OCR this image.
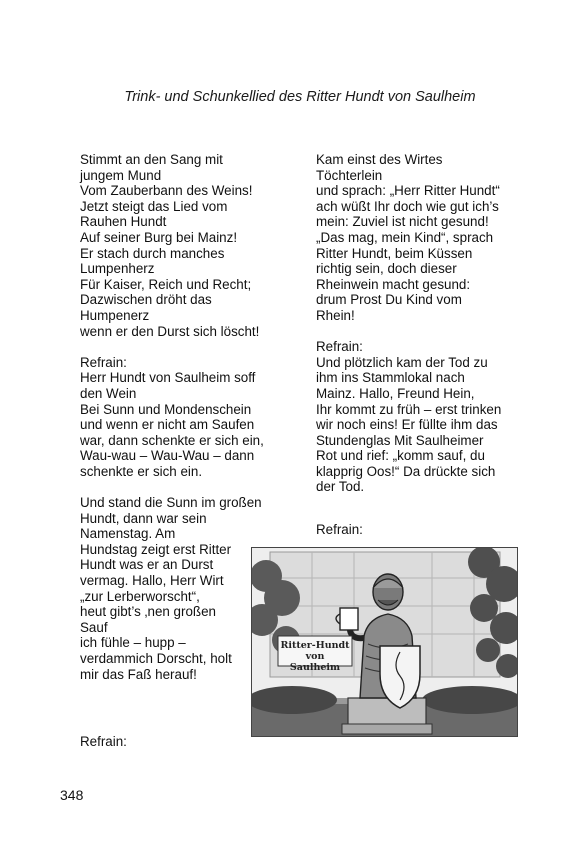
Trink- und Schunkellied des Ritter Hundt von Saulheim
Stimmt an den Sang mit
jungem Mund
Vom Zauberbann des Weins!
Jetzt steigt das Lied vom
Rauhen Hundt
Auf seiner Burg bei Mainz!
Er stach durch manches
Lumpenherz
Für Kaiser, Reich und Recht;
Dazwischen dröht das
Humpenerz
wenn er den Durst sich löscht!
Refrain:
Herr Hundt von Saulheim soff
den Wein
Bei Sunn und Mondenschein
und wenn er nicht am Saufen
war, dann schenkte er sich ein,
Wau-wau – Wau-Wau – dann
schenkte er sich ein.
Und stand die Sunn im großen
Hundt, dann war sein
Namenstag. Am
Hundstag zeigt erst Ritter
Hundt was er an Durst
vermag. Hallo, Herr Wirt
„zur Lerberworscht“,
heut gibt’s ‚nen großen
Sauf
ich fühle – hupp –
verdammich Dorscht, holt
mir das Faß herauf!
Kam einst des Wirtes
Töchterlein
und sprach: „Herr Ritter Hundt“
ach wüßt Ihr doch wie gut ich’s
mein: Zuviel ist nicht gesund!
„Das mag, mein Kind“, sprach
Ritter Hundt, beim Küssen
richtig sein, doch dieser
Rheinwein macht gesund:
drum Prost Du Kind vom
Rhein!
Refrain:
Und plötzlich kam der Tod zu
ihm ins Stammlokal nach
Mainz. Hallo, Freund Hein,
Ihr kommt zu früh – erst trinken
wir noch eins! Er füllte ihm das
Stundenglas Mit Saulheimer
Rot und rief: „komm sauf, du
klapprig Oos!“ Da drückte sich
der Tod.
Refrain:
Ritter-Hundt
von Saulheim
Refrain:
348
